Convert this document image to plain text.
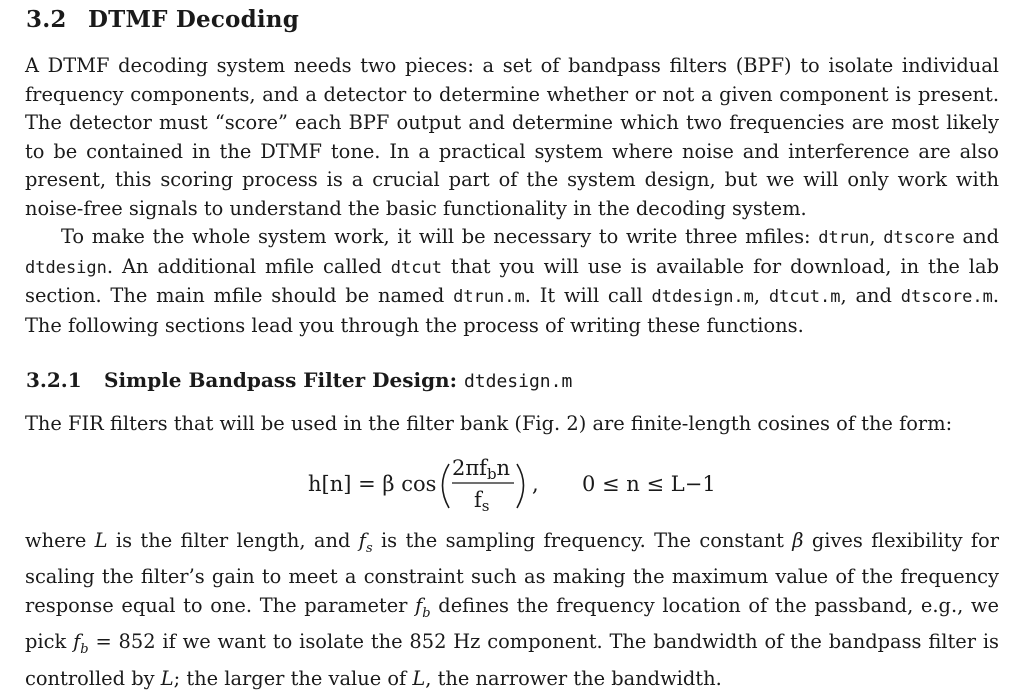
3.2 DTMF Decoding

A DTMF decoding system needs two pieces: a set of bandpass filters (BPF) to isolate individual frequency components, and a detector to determine whether or not a given component is present. The detector must “score” each BPF output and determine which two frequencies are most likely to be contained in the DTMF tone. In a practical system where noise and interference are also present, this scoring process is a crucial part of the system design, but we will only work with noise-free signals to understand the basic functionality in the decoding system.

To make the whole system work, it will be necessary to write three mfiles: dtrun, dtscore and dtdesign. An additional mfile called dtcut that you will use is available for download, in the lab section. The main mfile should be named dtrun.m. It will call dtdesign.m, dtcut.m, and dtscore.m. The following sections lead you through the process of writing these functions.

3.2.1 Simple Bandpass Filter Design: dtdesign.m

The FIR filters that will be used in the filter bank (Fig. 2) are finite-length cosines of the form:

h[n] = β cos
2πfbn
fs
, 0 ≤ n ≤ L−1

where L is the filter length, and $f_s$ is the sampling frequency. The constant β gives flexibility for scaling the filter’s gain to meet a constraint such as making the maximum value of the frequency response equal to one. The parameter $f_b$ defines the frequency location of the passband, e.g., we pick $f_b = 852$ if we want to isolate the 852 Hz component. The bandwidth of the bandpass filter is controlled by L; the larger the value of L, the narrower the bandwidth.
